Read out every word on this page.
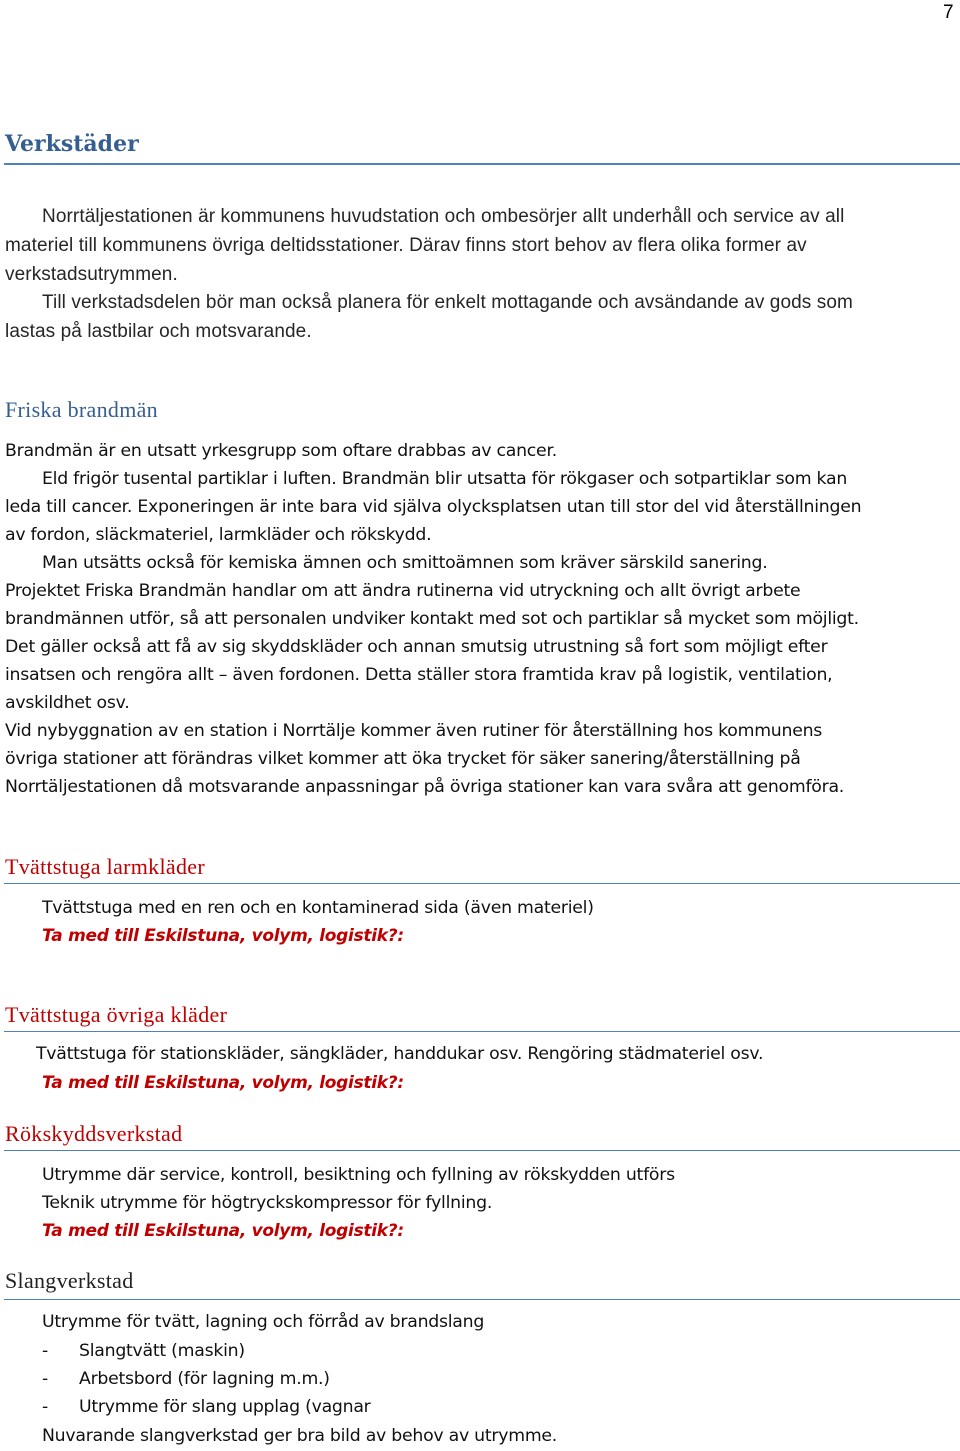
7
Verkstäder
Norrtäljestationen är kommunens huvudstation och ombesörjer allt underhåll och service av all
materiel till kommunens övriga deltidsstationer. Därav finns stort behov av flera olika former av
verkstadsutrymmen.
Till verkstadsdelen bör man också planera för enkelt mottagande och avsändande av gods som
lastas på lastbilar och motsvarande.
Friska brandmän
Brandmän är en utsatt yrkesgrupp som oftare drabbas av cancer.
Eld frigör tusental partiklar i luften. Brandmän blir utsatta för rökgaser och sotpartiklar som kan
leda till cancer. Exponeringen är inte bara vid själva olycksplatsen utan till stor del vid återställningen
av fordon, släckmateriel, larmkläder och rökskydd.
Man utsätts också för kemiska ämnen och smittoämnen som kräver särskild sanering.
Projektet Friska Brandmän handlar om att ändra rutinerna vid utryckning och allt övrigt arbete
brandmännen utför, så att personalen undviker kontakt med sot och partiklar så mycket som möjligt.
Det gäller också att få av sig skyddskläder och annan smutsig utrustning så fort som möjligt efter
insatsen och rengöra allt – även fordonen. Detta ställer stora framtida krav på logistik, ventilation,
avskildhet osv.
Vid nybyggnation av en station i Norrtälje kommer även rutiner för återställning hos kommunens
övriga stationer att förändras vilket kommer att öka trycket för säker sanering/återställning på
Norrtäljestationen då motsvarande anpassningar på övriga stationer kan vara svåra att genomföra.
Tvättstuga larmkläder
Tvättstuga med en ren och en kontaminerad sida (även materiel)
Ta med till Eskilstuna, volym, logistik?:
Tvättstuga övriga kläder
Tvättstuga för stationskläder, sängkläder, handdukar osv. Rengöring städmateriel osv.
Ta med till Eskilstuna, volym, logistik?:
Rökskyddsverkstad
Utrymme där service, kontroll, besiktning och fyllning av rökskydden utförs
Teknik utrymme för högtryckskompressor för fyllning.
Ta med till Eskilstuna, volym, logistik?:
Slangverkstad
Utrymme för tvätt, lagning och förråd av brandslang
- Slangtvätt (maskin)
- Arbetsbord (för lagning m.m.)
- Utrymme för slang upplag (vagnar
Nuvarande slangverkstad ger bra bild av behov av utrymme.
